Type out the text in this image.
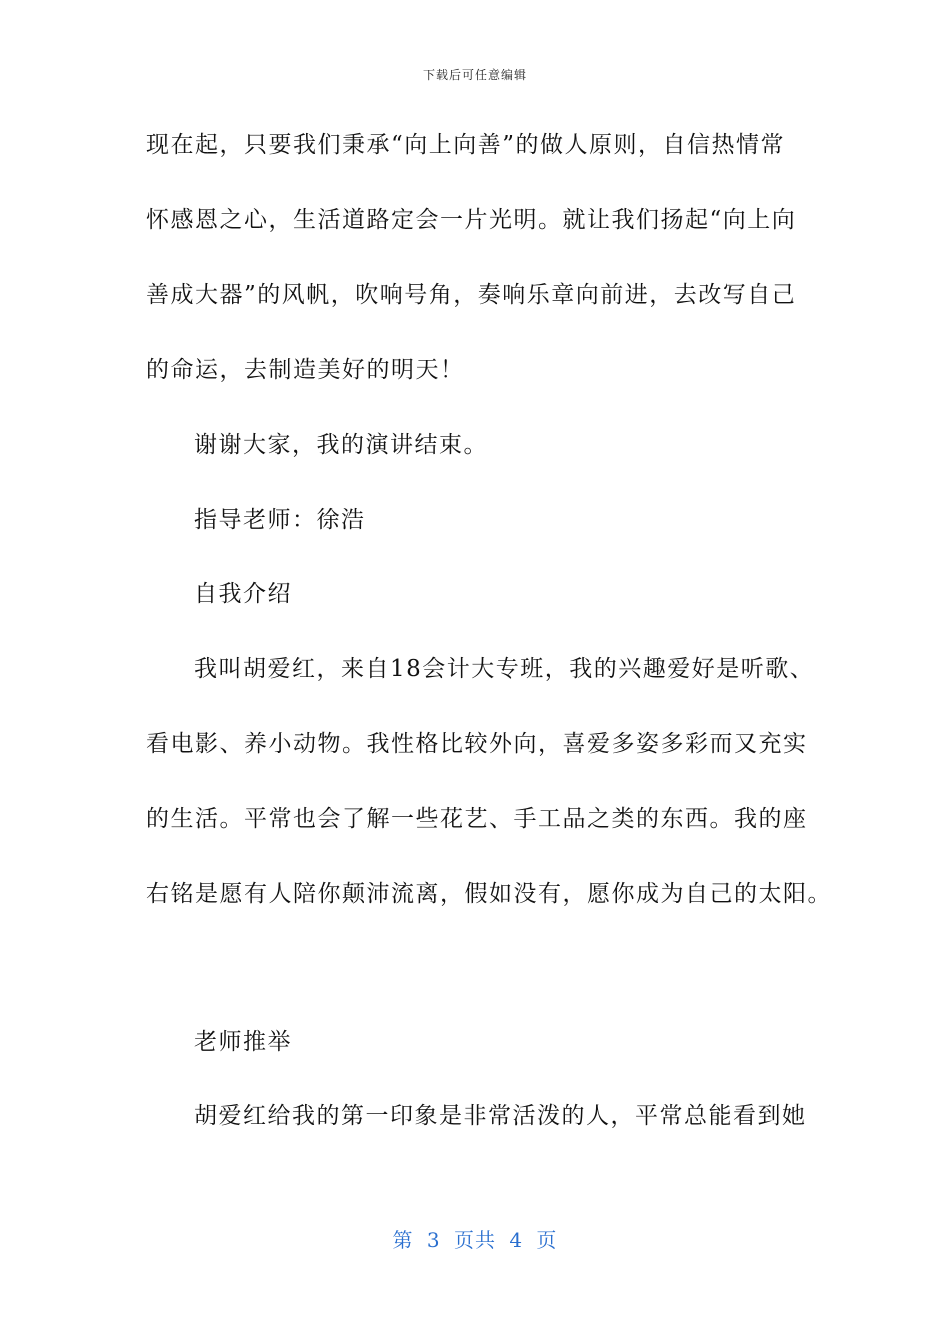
下载后可任意编辑
现在起，只要我们秉承“向上向善”的做人原则，自信热情常
怀感恩之心，生活道路定会一片光明。就让我们扬起“向上向
善成大器”的风帆，吹响号角，奏响乐章向前进，去改写自己
的命运，去制造美好的明天！
谢谢大家，我的演讲结束。
指导老师：徐浩
自我介绍
我叫胡爱红，来自18会计大专班，我的兴趣爱好是听歌、
看电影、养小动物。我性格比较外向，喜爱多姿多彩而又充实
的生活。平常也会了解一些花艺、手工品之类的东西。我的座
右铭是愿有人陪你颠沛流离，假如没有，愿你成为自己的太阳。
老师推举
胡爱红给我的第一印象是非常活泼的人，平常总能看到她
第 3 页共 4 页
